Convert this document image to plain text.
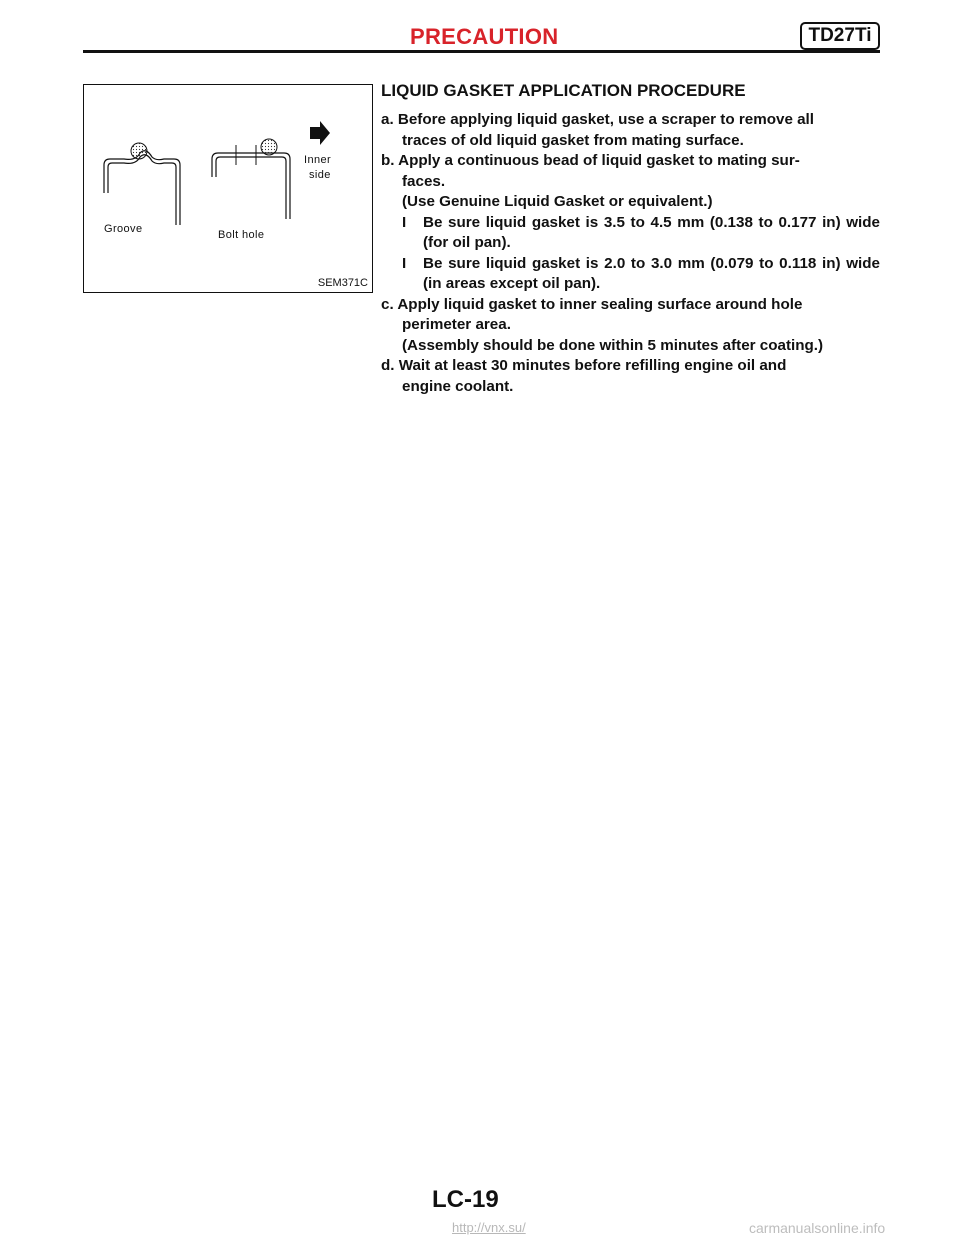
PRECAUTION	TD27Ti
Groove	Bolt hole
Inner
side
SEM371C
LIQUID GASKET APPLICATION PROCEDURE

a. Before applying liquid gasket, use a scraper to remove all
traces of old liquid gasket from mating surface.

b. Apply a continuous bead of liquid gasket to mating sur-
faces.
(Use Genuine Liquid Gasket or equivalent.)

I	Be sure liquid gasket is 3.5 to 4.5 mm (0.138 to 0.177 in) wide (for oil pan).
I	Be sure liquid gasket is 2.0 to 3.0 mm (0.079 to 0.118 in) wide (in areas except oil pan).

c. Apply liquid gasket to inner sealing surface around hole
perimeter area.
(Assembly should be done within 5 minutes after coating.)

d. Wait at least 30 minutes before refilling engine oil and
engine coolant.

LC-19
http://vnx.su/	carmanualsonline.info
